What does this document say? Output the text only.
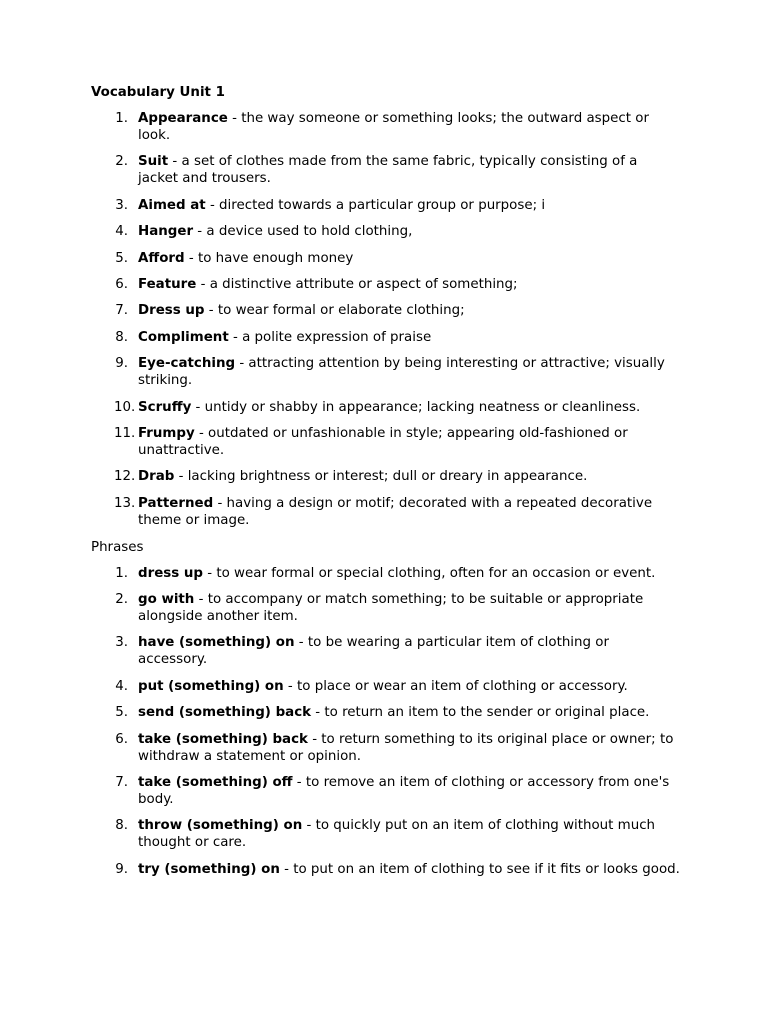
Vocabulary Unit 1
1. Appearance - the way someone or something looks; the outward aspect or look.
2. Suit - a set of clothes made from the same fabric, typically consisting of a jacket and trousers.
3. Aimed at - directed towards a particular group or purpose; i
4. Hanger - a device used to hold clothing,
5. Afford - to have enough money
6. Feature - a distinctive attribute or aspect of something;
7. Dress up - to wear formal or elaborate clothing;
8. Compliment - a polite expression of praise
9. Eye-catching - attracting attention by being interesting or attractive; visually striking.
10. Scruffy - untidy or shabby in appearance; lacking neatness or cleanliness.
11. Frumpy - outdated or unfashionable in style; appearing old-fashioned or unattractive.
12. Drab - lacking brightness or interest; dull or dreary in appearance.
13. Patterned - having a design or motif; decorated with a repeated decorative theme or image.
Phrases
1. dress up - to wear formal or special clothing, often for an occasion or event.
2. go with - to accompany or match something; to be suitable or appropriate alongside another item.
3. have (something) on - to be wearing a particular item of clothing or accessory.
4. put (something) on - to place or wear an item of clothing or accessory.
5. send (something) back - to return an item to the sender or original place.
6. take (something) back - to return something to its original place or owner; to withdraw a statement or opinion.
7. take (something) off - to remove an item of clothing or accessory from one's body.
8. throw (something) on - to quickly put on an item of clothing without much thought or care.
9. try (something) on - to put on an item of clothing to see if it fits or looks good.
